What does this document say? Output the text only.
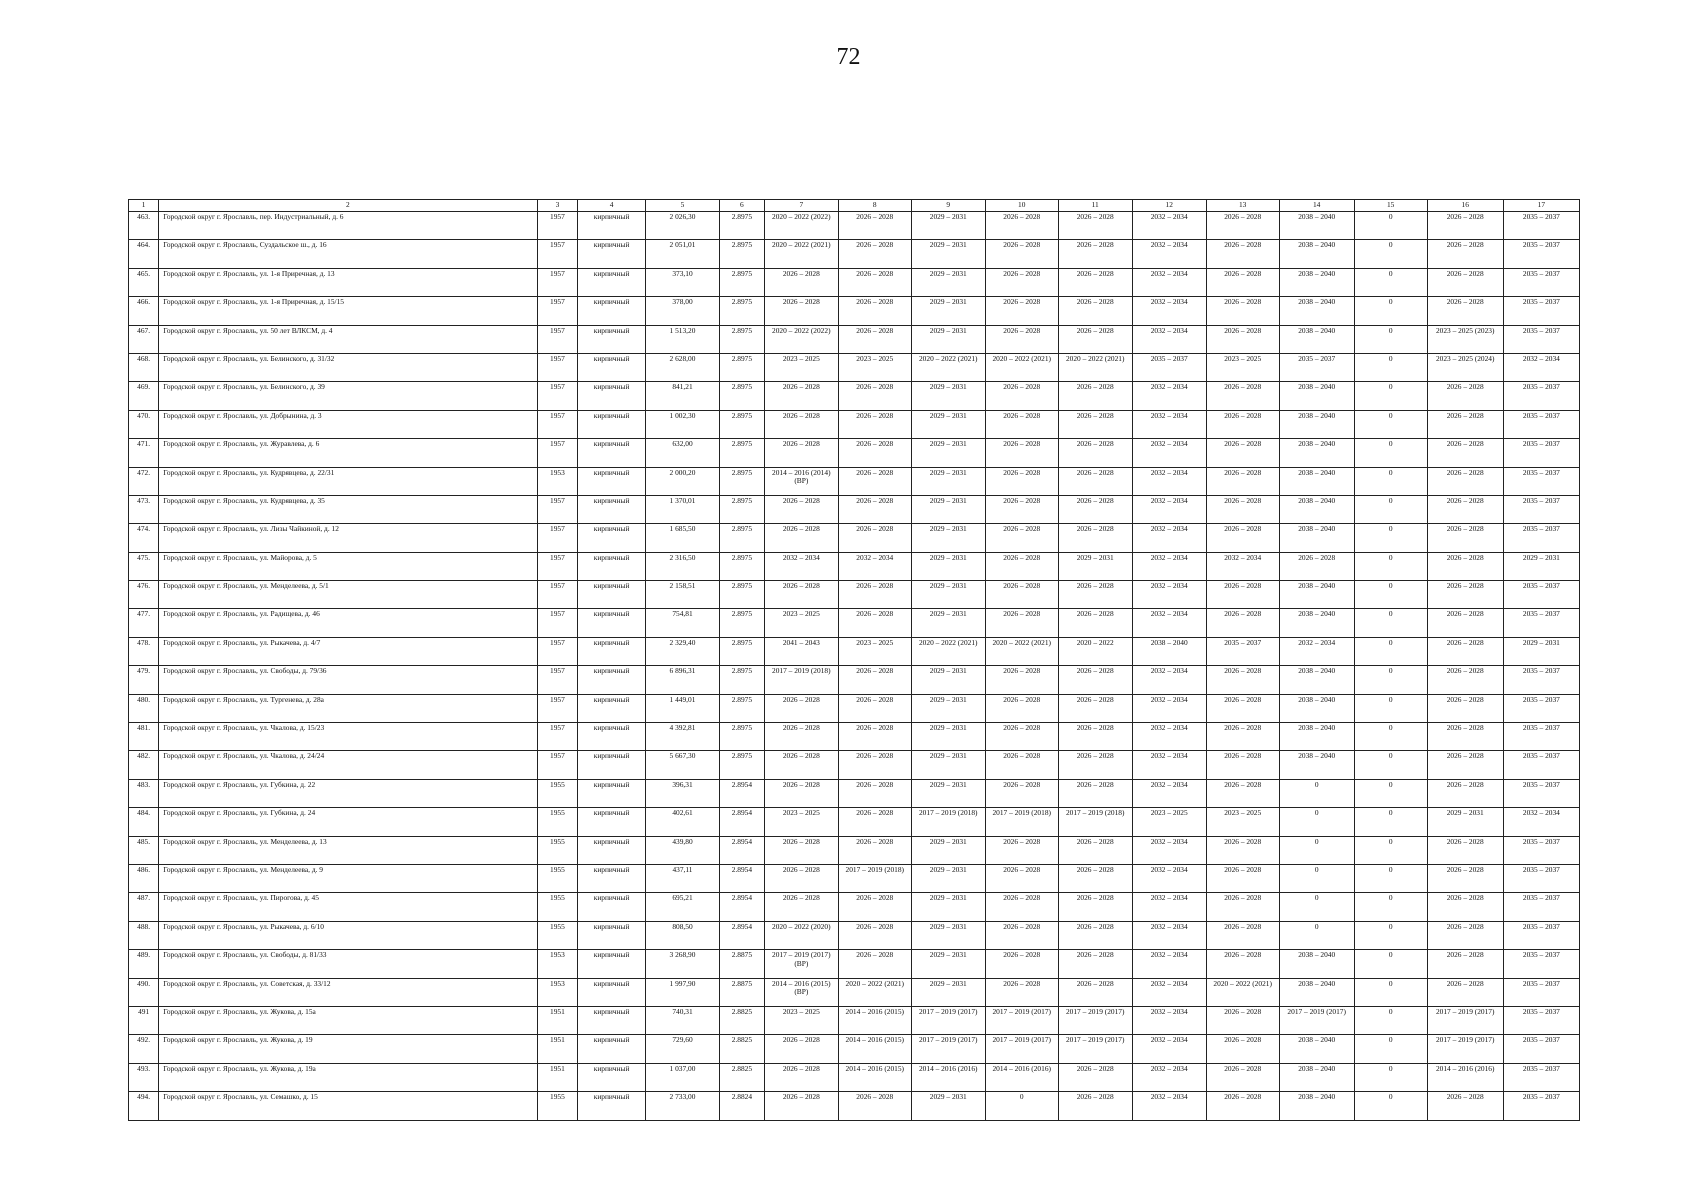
72
1	2	3	4	5	6	7	8	9	10	11	12	13	14	15	16	17
463.	Городской округ г. Ярославль, пер. Индустриальный, д. 6	1957	кирпичный	2 026,30	2.8975	2020 – 2022 (2022)	2026 – 2028	2029 – 2031	2026 – 2028	2026 – 2028	2032 – 2034	2026 – 2028	2038 – 2040	0	2026 – 2028	2035 – 2037
464.	Городской округ г. Ярославль, Суздальское ш., д. 16	1957	кирпичный	2 051,01	2.8975	2020 – 2022 (2021)	2026 – 2028	2029 – 2031	2026 – 2028	2026 – 2028	2032 – 2034	2026 – 2028	2038 – 2040	0	2026 – 2028	2035 – 2037
465.	Городской округ г. Ярославль, ул. 1-я Приречная, д. 13	1957	кирпичный	373,10	2.8975	2026 – 2028	2026 – 2028	2029 – 2031	2026 – 2028	2026 – 2028	2032 – 2034	2026 – 2028	2038 – 2040	0	2026 – 2028	2035 – 2037
466.	Городской округ г. Ярославль, ул. 1-я Приречная, д. 15/15	1957	кирпичный	378,00	2.8975	2026 – 2028	2026 – 2028	2029 – 2031	2026 – 2028	2026 – 2028	2032 – 2034	2026 – 2028	2038 – 2040	0	2026 – 2028	2035 – 2037
467.	Городской округ г. Ярославль, ул. 50 лет ВЛКСМ, д. 4	1957	кирпичный	1 513,20	2.8975	2020 – 2022 (2022)	2026 – 2028	2029 – 2031	2026 – 2028	2026 – 2028	2032 – 2034	2026 – 2028	2038 – 2040	0	2023 – 2025 (2023)	2035 – 2037
468.	Городской округ г. Ярославль, ул. Белинского, д. 31/32	1957	кирпичный	2 628,00	2.8975	2023 – 2025	2023 – 2025	2020 – 2022 (2021)	2020 – 2022 (2021)	2020 – 2022 (2021)	2035 – 2037	2023 – 2025	2035 – 2037	0	2023 – 2025 (2024)	2032 – 2034
469.	Городской округ г. Ярославль, ул. Белинского, д. 39	1957	кирпичный	841,21	2.8975	2026 – 2028	2026 – 2028	2029 – 2031	2026 – 2028	2026 – 2028	2032 – 2034	2026 – 2028	2038 – 2040	0	2026 – 2028	2035 – 2037
470.	Городской округ г. Ярославль, ул. Добрынина, д. 3	1957	кирпичный	1 002,30	2.8975	2026 – 2028	2026 – 2028	2029 – 2031	2026 – 2028	2026 – 2028	2032 – 2034	2026 – 2028	2038 – 2040	0	2026 – 2028	2035 – 2037
471.	Городской округ г. Ярославль, ул. Журавлева, д. 6	1957	кирпичный	632,00	2.8975	2026 – 2028	2026 – 2028	2029 – 2031	2026 – 2028	2026 – 2028	2032 – 2034	2026 – 2028	2038 – 2040	0	2026 – 2028	2035 – 2037
472.	Городской округ г. Ярославль, ул. Кудрявцева, д. 22/31	1953	кирпичный	2 000,20	2.8975	2014 – 2016 (2014) (ВР)	2026 – 2028	2029 – 2031	2026 – 2028	2026 – 2028	2032 – 2034	2026 – 2028	2038 – 2040	0	2026 – 2028	2035 – 2037
473.	Городской округ г. Ярославль, ул. Кудрявцева, д. 35	1957	кирпичный	1 370,01	2.8975	2026 – 2028	2026 – 2028	2029 – 2031	2026 – 2028	2026 – 2028	2032 – 2034	2026 – 2028	2038 – 2040	0	2026 – 2028	2035 – 2037
474.	Городской округ г. Ярославль, ул. Лизы Чайкиной, д. 12	1957	кирпичный	1 685,50	2.8975	2026 – 2028	2026 – 2028	2029 – 2031	2026 – 2028	2026 – 2028	2032 – 2034	2026 – 2028	2038 – 2040	0	2026 – 2028	2035 – 2037
475.	Городской округ г. Ярославль, ул. Майорова, д. 5	1957	кирпичный	2 316,50	2.8975	2032 – 2034	2032 – 2034	2029 – 2031	2026 – 2028	2029 – 2031	2032 – 2034	2032 – 2034	2026 – 2028	0	2026 – 2028	2029 – 2031
476.	Городской округ г. Ярославль, ул. Менделеева, д. 5/1	1957	кирпичный	2 158,51	2.8975	2026 – 2028	2026 – 2028	2029 – 2031	2026 – 2028	2026 – 2028	2032 – 2034	2026 – 2028	2038 – 2040	0	2026 – 2028	2035 – 2037
477.	Городской округ г. Ярославль, ул. Радищева, д. 46	1957	кирпичный	754,81	2.8975	2023 – 2025	2026 – 2028	2029 – 2031	2026 – 2028	2026 – 2028	2032 – 2034	2026 – 2028	2038 – 2040	0	2026 – 2028	2035 – 2037
478.	Городской округ г. Ярославль, ул. Рыкачева, д. 4/7	1957	кирпичный	2 329,40	2.8975	2041 – 2043	2023 – 2025	2020 – 2022 (2021)	2020 – 2022 (2021)	2020 – 2022	2038 – 2040	2035 – 2037	2032 – 2034	0	2026 – 2028	2029 – 2031
479.	Городской округ г. Ярославль, ул. Свободы, д. 79/36	1957	кирпичный	6 896,31	2.8975	2017 – 2019 (2018)	2026 – 2028	2029 – 2031	2026 – 2028	2026 – 2028	2032 – 2034	2026 – 2028	2038 – 2040	0	2026 – 2028	2035 – 2037
480.	Городской округ г. Ярославль, ул. Тургенева, д. 28а	1957	кирпичный	1 449,01	2.8975	2026 – 2028	2026 – 2028	2029 – 2031	2026 – 2028	2026 – 2028	2032 – 2034	2026 – 2028	2038 – 2040	0	2026 – 2028	2035 – 2037
481.	Городской округ г. Ярославль, ул. Чкалова, д. 15/23	1957	кирпичный	4 392,81	2.8975	2026 – 2028	2026 – 2028	2029 – 2031	2026 – 2028	2026 – 2028	2032 – 2034	2026 – 2028	2038 – 2040	0	2026 – 2028	2035 – 2037
482.	Городской округ г. Ярославль, ул. Чкалова, д. 24/24	1957	кирпичный	5 667,30	2.8975	2026 – 2028	2026 – 2028	2029 – 2031	2026 – 2028	2026 – 2028	2032 – 2034	2026 – 2028	2038 – 2040	0	2026 – 2028	2035 – 2037
483.	Городской округ г. Ярославль, ул. Губкина, д. 22	1955	кирпичный	396,31	2.8954	2026 – 2028	2026 – 2028	2029 – 2031	2026 – 2028	2026 – 2028	2032 – 2034	2026 – 2028	0	0	2026 – 2028	2035 – 2037
484.	Городской округ г. Ярославль, ул. Губкина, д. 24	1955	кирпичный	402,61	2.8954	2023 – 2025	2026 – 2028	2017 – 2019 (2018)	2017 – 2019 (2018)	2017 – 2019 (2018)	2023 – 2025	2023 – 2025	0	0	2029 – 2031	2032 – 2034
485.	Городской округ г. Ярославль, ул. Менделеева, д. 13	1955	кирпичный	439,80	2.8954	2026 – 2028	2026 – 2028	2029 – 2031	2026 – 2028	2026 – 2028	2032 – 2034	2026 – 2028	0	0	2026 – 2028	2035 – 2037
486.	Городской округ г. Ярославль, ул. Менделеева, д. 9	1955	кирпичный	437,11	2.8954	2026 – 2028	2017 – 2019 (2018)	2029 – 2031	2026 – 2028	2026 – 2028	2032 – 2034	2026 – 2028	0	0	2026 – 2028	2035 – 2037
487.	Городской округ г. Ярославль, ул. Пирогова, д. 45	1955	кирпичный	695,21	2.8954	2026 – 2028	2026 – 2028	2029 – 2031	2026 – 2028	2026 – 2028	2032 – 2034	2026 – 2028	0	0	2026 – 2028	2035 – 2037
488.	Городской округ г. Ярославль, ул. Рыкачева, д. 6/10	1955	кирпичный	808,50	2.8954	2020 – 2022 (2020)	2026 – 2028	2029 – 2031	2026 – 2028	2026 – 2028	2032 – 2034	2026 – 2028	0	0	2026 – 2028	2035 – 2037
489.	Городской округ г. Ярославль, ул. Свободы, д. 81/33	1953	кирпичный	3 268,90	2.8875	2017 – 2019 (2017) (ВР)	2026 – 2028	2029 – 2031	2026 – 2028	2026 – 2028	2032 – 2034	2026 – 2028	2038 – 2040	0	2026 – 2028	2035 – 2037
490.	Городской округ г. Ярославль, ул. Советская, д. 33/12	1953	кирпичный	1 997,90	2.8875	2014 – 2016 (2015) (ВР)	2020 – 2022 (2021)	2029 – 2031	2026 – 2028	2026 – 2028	2032 – 2034	2020 – 2022 (2021)	2038 – 2040	0	2026 – 2028	2035 – 2037
491	Городской округ г. Ярославль, ул. Жукова, д. 15а	1951	кирпичный	740,31	2.8825	2023 – 2025	2014 – 2016 (2015)	2017 – 2019 (2017)	2017 – 2019 (2017)	2017 – 2019 (2017)	2032 – 2034	2026 – 2028	2017 – 2019 (2017)	0	2017 – 2019 (2017)	2035 – 2037
492.	Городской округ г. Ярославль, ул. Жукова, д. 19	1951	кирпичный	729,60	2.8825	2026 – 2028	2014 – 2016 (2015)	2017 – 2019 (2017)	2017 – 2019 (2017)	2017 – 2019 (2017)	2032 – 2034	2026 – 2028	2038 – 2040	0	2017 – 2019 (2017)	2035 – 2037
493.	Городской округ г. Ярославль, ул. Жукова, д. 19а	1951	кирпичный	1 037,00	2.8825	2026 – 2028	2014 – 2016 (2015)	2014 – 2016 (2016)	2014 – 2016 (2016)	2026 – 2028	2032 – 2034	2026 – 2028	2038 – 2040	0	2014 – 2016 (2016)	2035 – 2037
494.	Городской округ г. Ярославль, ул. Семашко, д. 15	1955	кирпичный	2 733,00	2.8824	2026 – 2028	2026 – 2028	2029 – 2031	0	2026 – 2028	2032 – 2034	2026 – 2028	2038 – 2040	0	2026 – 2028	2035 – 2037
